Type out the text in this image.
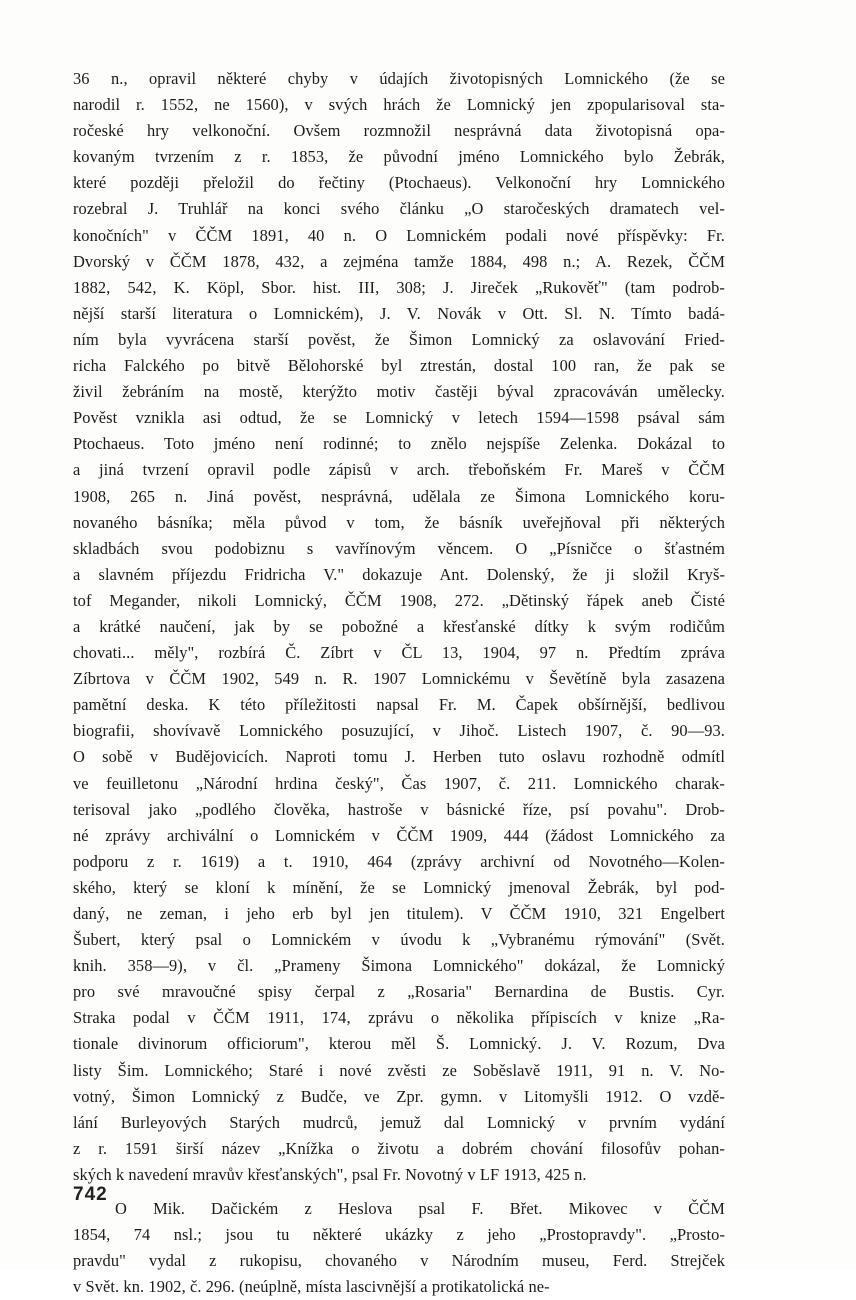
36 n., opravil některé chyby v údajích životopisných Lomnického (že se
narodil r. 1552, ne 1560), v svých hrách že Lomnický jen zpopularisoval sta-
ročeské hry velkonoční. Ovšem rozmnožil nesprávná data životopisná opa-
kovaným tvrzením z r. 1853, že původní jméno Lomnického bylo Žebrák,
které později přeložil do řečtiny (Ptochaeus). Velkonoční hry Lomnického
rozebral J. Truhlář na konci svého článku „O staročeských dramatech vel-
konočních" v ČČM 1891, 40 n. O Lomnickém podali nové příspěvky: Fr.
Dvorský v ČČM 1878, 432, a zejména tamže 1884, 498 n.; A. Rezek, ČČM
1882, 542, K. Köpl, Sbor. hist. III, 308; J. Jireček „Rukověť" (tam podrob-
nější starší literatura o Lomnickém), J. V. Novák v Ott. Sl. N. Tímto badá-
ním byla vyvrácena starší pověst, že Šimon Lomnický za oslavování Fried-
richa Falckého po bitvě Bělohorské byl ztrestán, dostal 100 ran, že pak se
živil žebráním na mostě, kterýžto motiv častěji býval zpracováván umělecky.
Pověst vznikla asi odtud, že se Lomnický v letech 1594—1598 psával sám
Ptochaeus. Toto jméno není rodinné; to znělo nejspíše Zelenka. Dokázal to
a jiná tvrzení opravil podle zápisů v arch. třeboňském Fr. Mareš v ČČM
1908, 265 n. Jiná pověst, nesprávná, udělala ze Šimona Lomnického koru-
novaného básníka; měla původ v tom, že básník uveřejňoval při některých
skladbách svou podobiznu s vavřínovým věncem. O „Písničce o šťastném
a slavném příjezdu Fridricha V." dokazuje Ant. Dolenský, že ji složil Kryš-
tof Megander, nikoli Lomnický, ČČM 1908, 272. „Dětinský řápek aneb Čisté
a krátké naučení, jak by se pobožné a křesťanské dítky k svým rodičům
chovati... měly", rozbírá Č. Zíbrt v ČL 13, 1904, 97 n. Předtím zpráva
Zíbrtova v ČČM 1902, 549 n. R. 1907 Lomnickému v Ševětíně byla zasazena
pamětní deska. K této příležitosti napsal Fr. M. Čapek obšírnější, bedlivou
biografii, shovívavě Lomnického posuzující, v Jihoč. Listech 1907, č. 90—93.
O sobě v Budějovicích. Naproti tomu J. Herben tuto oslavu rozhodně odmítl
ve feuilletonu „Národní hrdina český", Čas 1907, č. 211. Lomnického charak-
terisoval jako „podlého člověka, hastroše v básnické říze, psí povahu". Drob-
né zprávy archivální o Lomnickém v ČČM 1909, 444 (žádost Lomnického za
podporu z r. 1619) a t. 1910, 464 (zprávy archivní od Novotného—Kolen-
ského, který se kloní k mínění, že se Lomnický jmenoval Žebrák, byl pod-
daný, ne zeman, i jeho erb byl jen titulem). V ČČM 1910, 321 Engelbert
Šubert, který psal o Lomnickém v úvodu k „Vybranému rýmování" (Svět.
knih. 358—9), v čl. „Prameny Šimona Lomnického" dokázal, že Lomnický
pro své mravoučné spisy čerpal z „Rosaria" Bernardina de Bustis. Cyr.
Straka podal v ČČM 1911, 174, zprávu o několika přípiscích v knize „Ra-
tionale divinorum officiorum", kterou měl Š. Lomnický. J. V. Rozum, Dva
listy Šim. Lomnického; Staré i nové zvěsti ze Soběslavě 1911, 91 n. V. No-
votný, Šimon Lomnický z Budče, ve Zpr. gymn. v Litomyšli 1912. O vzdě-
lání Burleyových Starých mudrců, jemuž dal Lomnický v prvním vydání
z r. 1591 širší název „Knížka o životu a dobrém chování filosofův pohan-
ských k navedení mravův křesťanských", psal Fr. Novotný v LF 1913, 425 n.
O Mik. Dačickém z Heslova psal F. Břet. Mikovec v ČČM
1854, 74 nsl.; jsou tu některé ukázky z jeho „Prostopravdy". „Prosto-
pravdu" vydal z rukopisu, chovaného v Národním museu, Ferd. Strejček
v Svět. kn. 1902, č. 296. (neúplně, místa lascivnější a protikatolická ne-
742
